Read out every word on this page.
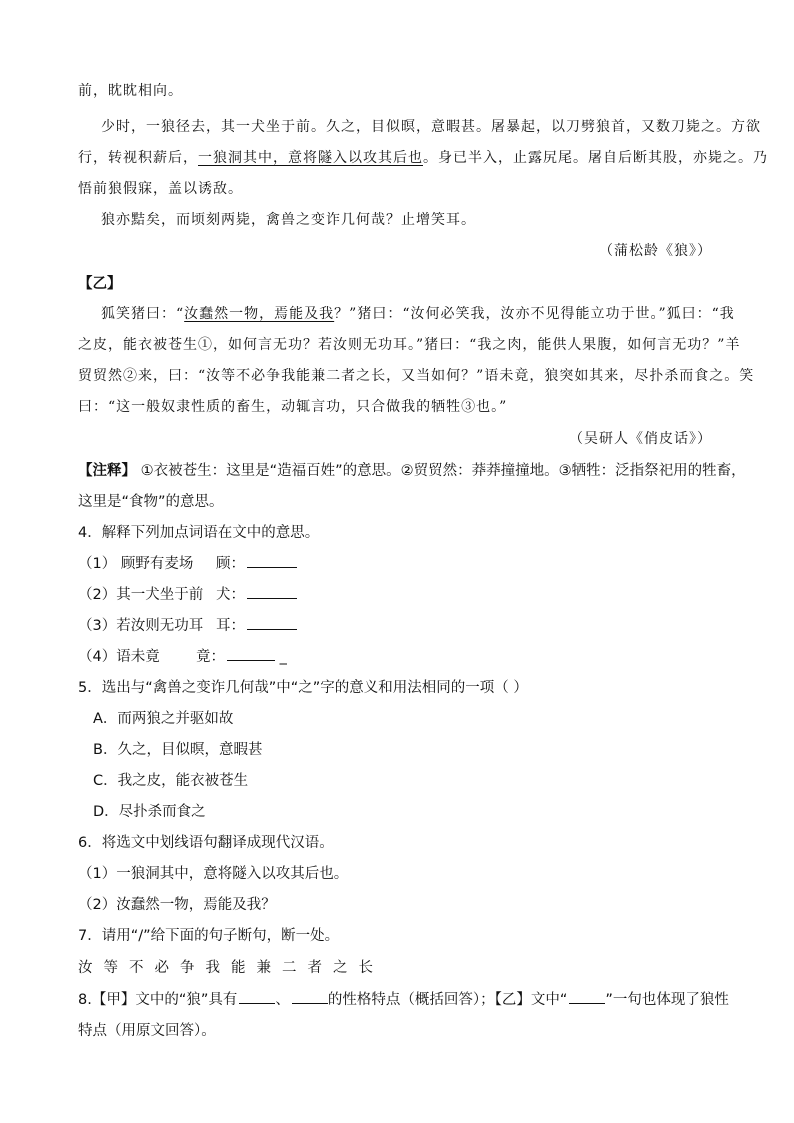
前，眈眈相向。
少时，一狼径去，其一犬坐于前。久之，目似暝，意暇甚。屠暴起，以刀劈狼首，又数刀毙之。方欲
行，转视积薪后，一狼洞其中，意将隧入以攻其后也。身已半入，止露尻尾。屠自后断其股，亦毙之。乃
悟前狼假寐，盖以诱敌。
狼亦黠矣，而顷刻两毙，禽兽之变诈几何哉？止增笑耳。
（蒲松龄《狼》）
【乙】
狐笑猪曰：“汝蠢然一物，焉能及我？”猪曰：“汝何必笑我，汝亦不见得能立功于世。”狐曰：“我
之皮，能衣被苍生①，如何言无功？若汝则无功耳。”猪曰：“我之肉，能供人果腹，如何言无功？”羊
贸贸然②来，曰：“汝等不必争我能兼二者之长，又当如何？”语未竟，狼突如其来，尽扑杀而食之。笑
曰：“这一般奴隶性质的畜生，动辄言功，只合做我的牺牲③也。”
（吴研人《俏皮话》）
【注释】 ①衣被苍生：这里是“造福百姓”的意思。②贸贸然：莽莽撞撞地。③牺牲：泛指祭祀用的牲畜，
这里是“食物”的意思。
4．解释下列加点词语在文中的意思。
（1） 顾野有麦场 顾：
（2）其一犬坐于前 犬：
（3）若汝则无功耳 耳：
（4）语未竟	竟：	_
5．选出与“禽兽之变诈几何哉”中“之”字的意义和用法相同的一项（ ）
A．而两狼之并驱如故
B．久之，目似暝，意暇甚
C．我之皮，能衣被苍生
D．尽扑杀而食之
6．将选文中划线语句翻译成现代汉语。
（1）一狼洞其中，意将隧入以攻其后也。
（2）汝蠢然一物，焉能及我？
7．请用“/”给下面的句子断句，断一处。
汝等不必争我能兼二者之长
8.【甲】文中的“狼”具有	、	的性格特点（概括回答）；【乙】文中“	”一句也体现了狼性
特点（用原文回答）。
